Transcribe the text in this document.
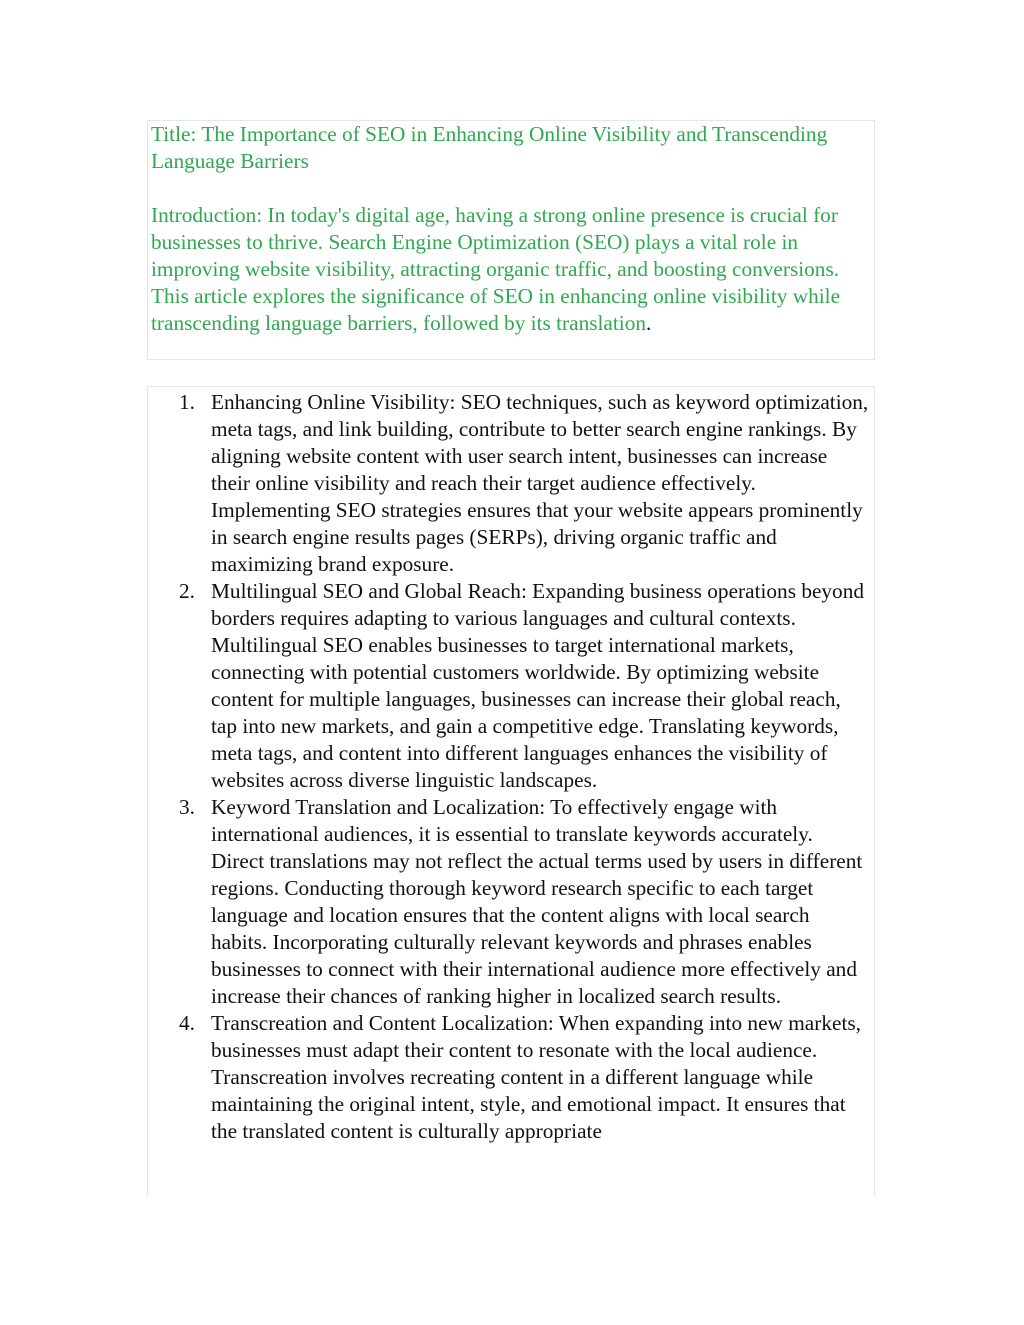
Title: The Importance of SEO in Enhancing Online Visibility and Transcending Language Barriers

Introduction: In today's digital age, having a strong online presence is crucial for businesses to thrive. Search Engine Optimization (SEO) plays a vital role in improving website visibility, attracting organic traffic, and boosting conversions. This article explores the significance of SEO in enhancing online visibility while transcending language barriers, followed by its translation.

1. Enhancing Online Visibility: SEO techniques, such as keyword optimization, meta tags, and link building, contribute to better search engine rankings. By aligning website content with user search intent, businesses can increase their online visibility and reach their target audience effectively. Implementing SEO strategies ensures that your website appears prominently in search engine results pages (SERPs), driving organic traffic and maximizing brand exposure.
2. Multilingual SEO and Global Reach: Expanding business operations beyond borders requires adapting to various languages and cultural contexts. Multilingual SEO enables businesses to target international markets, connecting with potential customers worldwide. By optimizing website content for multiple languages, businesses can increase their global reach, tap into new markets, and gain a competitive edge. Translating keywords, meta tags, and content into different languages enhances the visibility of websites across diverse linguistic landscapes.
3. Keyword Translation and Localization: To effectively engage with international audiences, it is essential to translate keywords accurately. Direct translations may not reflect the actual terms used by users in different regions. Conducting thorough keyword research specific to each target language and location ensures that the content aligns with local search habits. Incorporating culturally relevant keywords and phrases enables businesses to connect with their international audience more effectively and increase their chances of ranking higher in localized search results.
4. Transcreation and Content Localization: When expanding into new markets, businesses must adapt their content to resonate with the local audience. Transcreation involves recreating content in a different language while maintaining the original intent, style, and emotional impact. It ensures that the translated content is culturally appropriate
